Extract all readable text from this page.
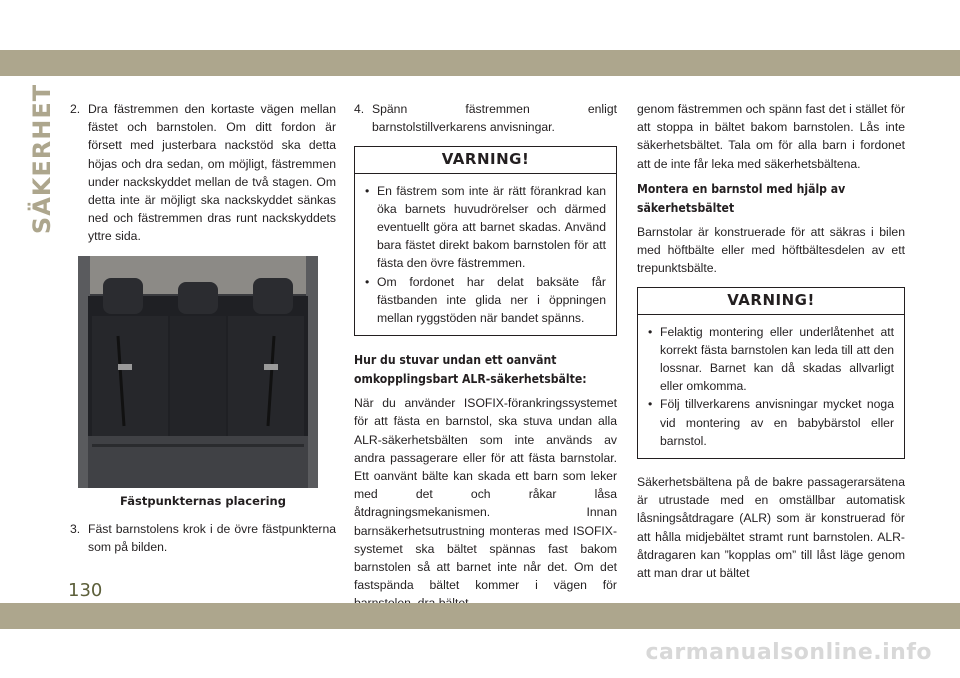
SÄKERHET 2. Dra fästremmen den kortaste vägen mellan fästet och barnstolen. Om ditt fordon är försett med justerbara nackstöd ska detta höjas och dra sedan, om möjligt, fästremmen under nackskyddet mellan de två stagen. Om detta inte är möjligt ska nackskyddet sänkas ned och fästremmen dras runt nackskyddets yttre sida.
Fästpunkternas placering
3. Fäst barnstolens krok i de övre fästpunkterna som på bilden.
4. Spänn fästremmen enligt barnstolstillverkarens anvisningar.
VARNING!
• En fästrem som inte är rätt förankrad kan öka barnets huvudrörelser och därmed eventuellt göra att barnet skadas. Använd bara fästet direkt bakom barnstolen för att fästa den övre fästremmen.
• Om fordonet har delat baksäte får fästbanden inte glida ner i öppningen mellan ryggstöden när bandet spänns.
Hur du stuvar undan ett oanvänt omkopplingsbart ALR-säkerhetsbälte:

När du använder ISOFIX-förankringssystemet för att fästa en barnstol, ska stuva undan alla ALR-säkerhetsbälten som inte används av andra passagerare eller för att fästa barnstolar. Ett oanvänt bälte kan skada ett barn som leker med det och råkar låsa åtdragningsmekanismen. Innan barnsäkerhetsutrustning monteras med ISOFIX-systemet ska bältet spännas fast bakom barnstolen så att barnet inte når det. Om det fastspända bältet kommer i vägen för

genom fästremmen och spänn fast det i stället för att stoppa in bältet bakom barnstolen. Lås inte säkerhetsbältet. Tala om för alla barn i fordonet att de inte får leka med säkerhetsbältena.

Montera en barnstol med hjälp av säkerhetsbältet

Barnstolar är konstruerade för att säkras i bilen med höftbälte eller med höftbältesdelen av ett trepunktsbälte.

VARNING!
• Felaktig montering eller underlåtenhet att korrekt fästa barnstolen kan leda till att den lossnar. Barnet kan då skadas allvarligt eller omkomma.
• Följ tillverkarens anvisningar mycket noga vid montering av en babybärstol eller barnstol.

Säkerhetsbältena på de bakre passagerarsätena är utrustade med en omställbar automatisk låsningsåtdragare (ALR) som är konstruerad för att hålla midjebältet stramt runt barnstolen. ALR-åtdragaren kan ”kopplas om” till låst läge genom att man drar ut bältet

130
carmanualsonline.info
